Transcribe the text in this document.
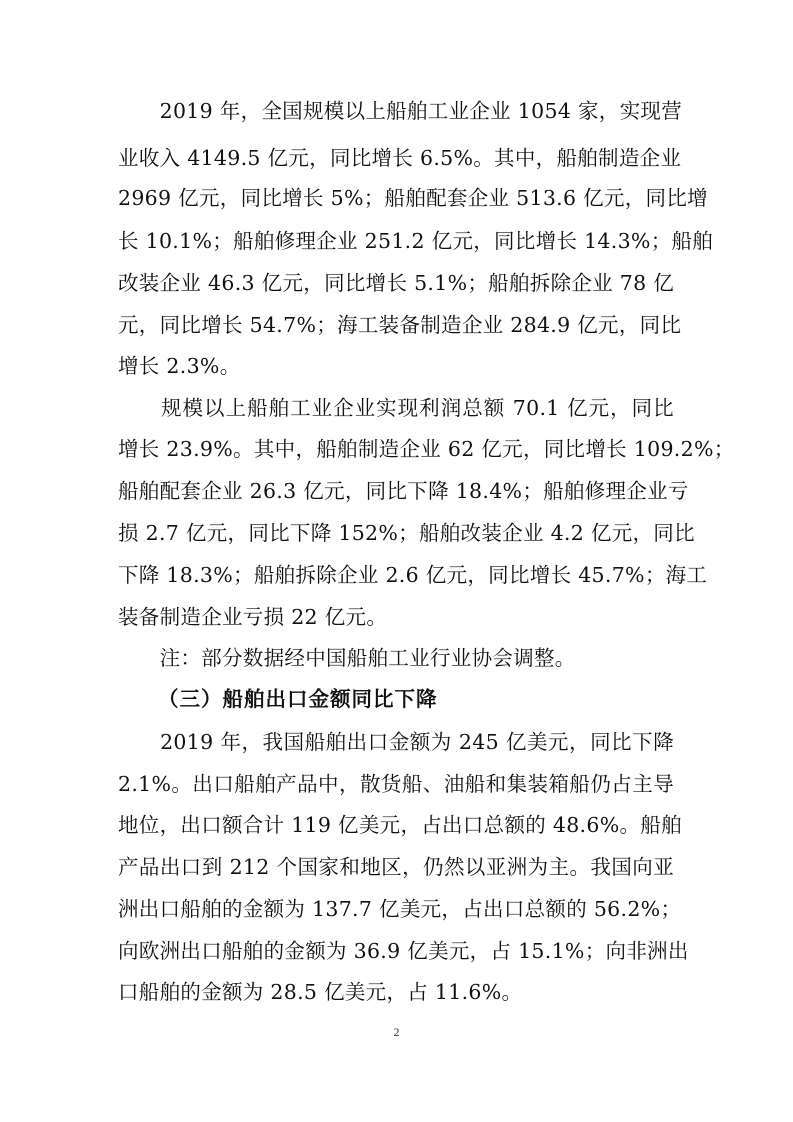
　　2019 年，全国规模以上船舶工业企业 1054 家，实现营
业收入 4149.5 亿元，同比增长 6.5%。其中，船舶制造企业
2969 亿元，同比增长 5%；船舶配套企业 513.6 亿元，同比增
长 10.1%；船舶修理企业 251.2 亿元，同比增长 14.3%；船舶
改装企业 46.3 亿元，同比增长 5.1%；船舶拆除企业 78 亿
元，同比增长 54.7%；海工装备制造企业 284.9 亿元，同比
增长 2.3%。
　　规模以上船舶工业企业实现利润总额 70.1 亿元，同比
增长 23.9%。其中，船舶制造企业 62 亿元，同比增长 109.2%；
船舶配套企业 26.3 亿元，同比下降 18.4%；船舶修理企业亏
损 2.7 亿元，同比下降 152%；船舶改装企业 4.2 亿元，同比
下降 18.3%；船舶拆除企业 2.6 亿元，同比增长 45.7%；海工
装备制造企业亏损 22 亿元。
　　注：部分数据经中国船舶工业行业协会调整。
（三）船舶出口金额同比下降
　　2019 年，我国船舶出口金额为 245 亿美元，同比下降
2.1%。出口船舶产品中，散货船、油船和集装箱船仍占主导
地位，出口额合计 119 亿美元，占出口总额的 48.6%。船舶
产品出口到 212 个国家和地区，仍然以亚洲为主。我国向亚
洲出口船舶的金额为 137.7 亿美元，占出口总额的 56.2%；
向欧洲出口船舶的金额为 36.9 亿美元，占 15.1%；向非洲出
口船舶的金额为 28.5 亿美元，占 11.6%。
2
